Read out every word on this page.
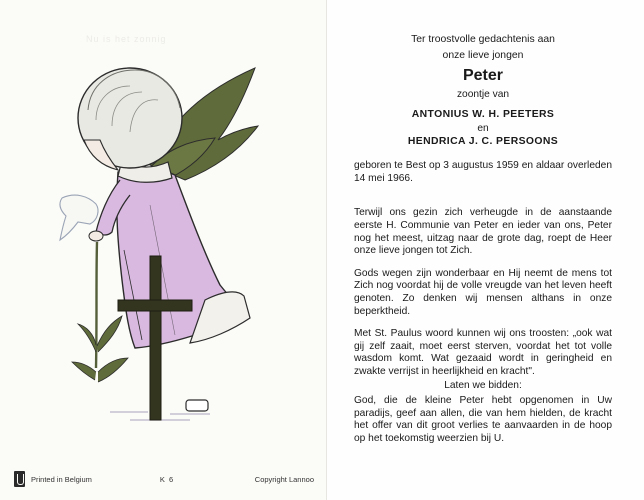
Nu is het zonnig
Printed in Belgium	K 6	Copyright Lannoo
Ter troostvolle gedachtenis aan
onze lieve jongen
Peter
zoontje van
ANTONIUS W. H. PEETERS
en
HENDRICA J. C. PERSOONS
geboren te Best op 3 augustus 1959 en aldaar overleden 14 mei 1966.
Terwijl ons gezin zich verheugde in de aanstaande eerste H. Communie van Peter en ieder van ons, Peter nog het meest, uitzag naar de grote dag, roept de Heer onze lieve jongen tot Zich.
Gods wegen zijn wonderbaar en Hij neemt de mens tot Zich nog voordat hij de volle vreugde van het leven heeft genoten. Zo denken wij mensen althans in onze beperktheid.
Met St. Paulus woord kunnen wij ons troosten: „ook wat gij zelf zaait, moet eerst sterven, voordat het tot volle wasdom komt. Wat gezaaid wordt in geringheid en zwakte verrijst in heerlijkheid en kracht".
Laten we bidden:
God, die de kleine Peter hebt opgenomen in Uw paradijs, geef aan allen, die van hem hielden, de kracht het offer van dit groot verlies te aanvaarden in de hoop op het toekomstig weerzien bij U.
